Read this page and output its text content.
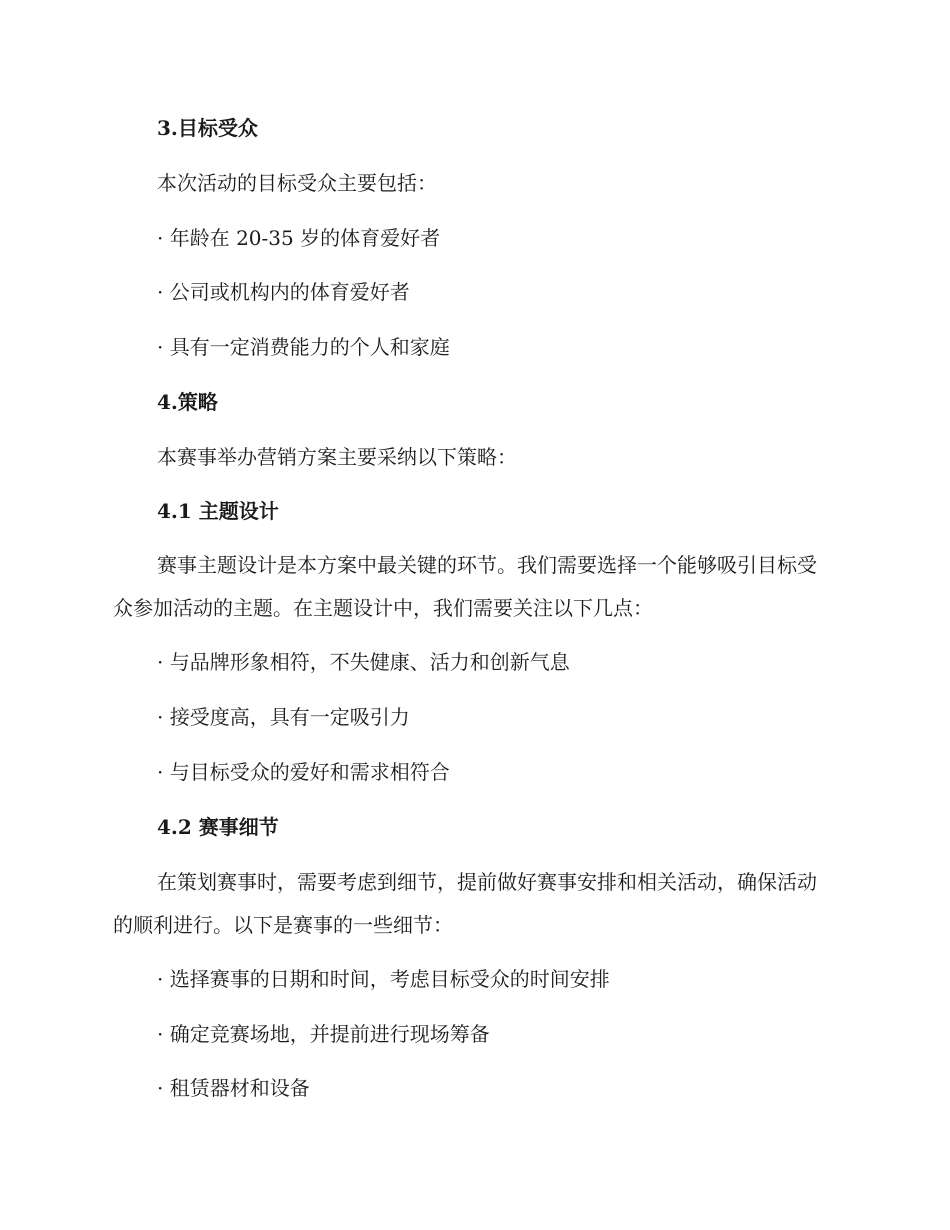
3.目标受众

本次活动的目标受众主要包括：

· 年龄在 20-35 岁的体育爱好者

· 公司或机构内的体育爱好者

· 具有一定消费能力的个人和家庭

4.策略

本赛事举办营销方案主要采纳以下策略：

4.1 主题设计

赛事主题设计是本方案中最关键的环节。我们需要选择一个能够吸引目标受众参加活动的主题。在主题设计中，我们需要关注以下几点：

· 与品牌形象相符，不失健康、活力和创新气息

· 接受度高，具有一定吸引力

· 与目标受众的爱好和需求相符合

4.2 赛事细节

在策划赛事时，需要考虑到细节，提前做好赛事安排和相关活动，确保活动的顺利进行。以下是赛事的一些细节：

· 选择赛事的日期和时间，考虑目标受众的时间安排

· 确定竞赛场地，并提前进行现场筹备

· 租赁器材和设备
